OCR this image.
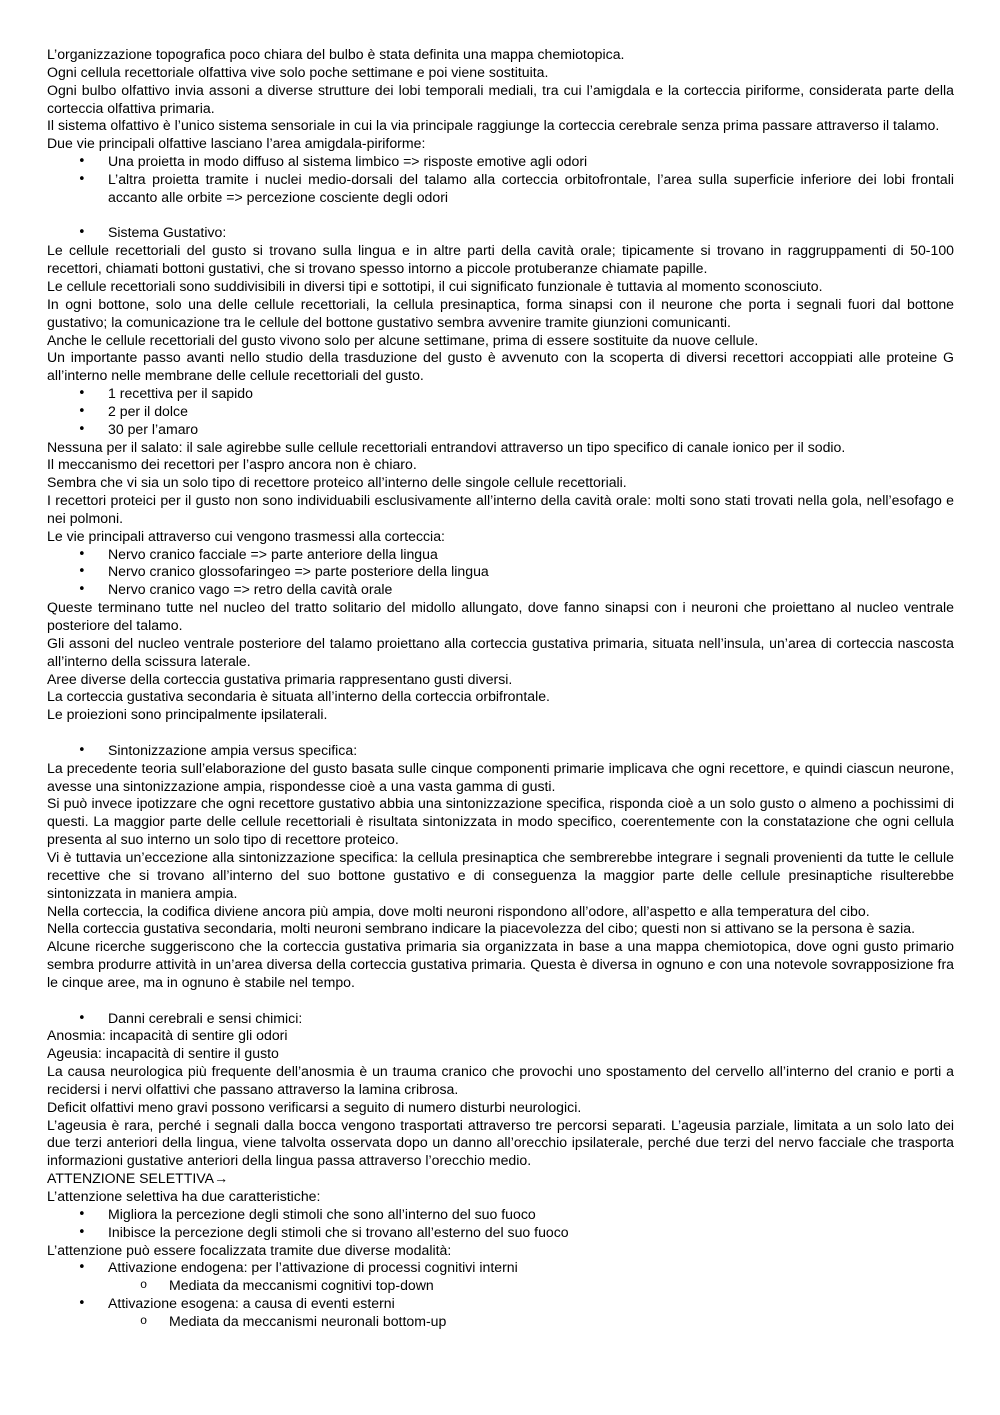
L’organizzazione topografica poco chiara del bulbo è stata definita una mappa chemiotopica.

Ogni cellula recettoriale olfattiva vive solo poche settimane e poi viene sostituita.

Ogni bulbo olfattivo invia assoni a diverse strutture dei lobi temporali mediali, tra cui l’amigdala e la corteccia piriforme, considerata parte della corteccia olfattiva primaria.

Il sistema olfattivo è l’unico sistema sensoriale in cui la via principale raggiunge la corteccia cerebrale senza prima passare attraverso il talamo.

Due vie principali olfattive lasciano l’area amigdala-piriforme:

• Una proietta in modo diffuso al sistema limbico => risposte emotive agli odori
• L’altra proietta tramite i nuclei medio-dorsali del talamo alla corteccia orbitofrontale, l’area sulla superficie inferiore dei lobi frontali accanto alle orbite => percezione cosciente degli odori
• Sistema Gustativo:

Le cellule recettoriali del gusto si trovano sulla lingua e in altre parti della cavità orale; tipicamente si trovano in raggruppamenti di 50-100 recettori, chiamati bottoni gustativi, che si trovano spesso intorno a piccole protuberanze chiamate papille.

Le cellule recettoriali sono suddivisibili in diversi tipi e sottotipi, il cui significato funzionale è tuttavia al momento sconosciuto.

In ogni bottone, solo una delle cellule recettoriali, la cellula presinaptica, forma sinapsi con il neurone che porta i segnali fuori dal bottone gustativo; la comunicazione tra le cellule del bottone gustativo sembra avvenire tramite giunzioni comunicanti.

Anche le cellule recettoriali del gusto vivono solo per alcune settimane, prima di essere sostituite da nuove cellule.

Un importante passo avanti nello studio della trasduzione del gusto è avvenuto con la scoperta di diversi recettori accoppiati alle proteine G all’interno nelle membrane delle cellule recettoriali del gusto.

• 1 recettiva per il sapido
• 2 per il dolce
• 30 per l’amaro

Nessuna per il salato: il sale agirebbe sulle cellule recettoriali entrandovi attraverso un tipo specifico di canale ionico per il sodio.

Il meccanismo dei recettori per l’aspro ancora non è chiaro.

Sembra che vi sia un solo tipo di recettore proteico all’interno delle singole cellule recettoriali.

I recettori proteici per il gusto non sono individuabili esclusivamente all’interno della cavità orale: molti sono stati trovati nella gola, nell’esofago e nei polmoni.

Le vie principali attraverso cui vengono trasmessi alla corteccia:

• Nervo cranico facciale => parte anteriore della lingua
• Nervo cranico glossofaringeo => parte posteriore della lingua
• Nervo cranico vago => retro della cavità orale

Queste terminano tutte nel nucleo del tratto solitario del midollo allungato, dove fanno sinapsi con i neuroni che proiettano al nucleo ventrale posteriore del talamo.

Gli assoni del nucleo ventrale posteriore del talamo proiettano alla corteccia gustativa primaria, situata nell’insula, un’area di corteccia nascosta all’interno della scissura laterale.

Aree diverse della corteccia gustativa primaria rappresentano gusti diversi.

La corteccia gustativa secondaria è situata all’interno della corteccia orbifrontale.

Le proiezioni sono principalmente ipsilaterali.

• Sintonizzazione ampia versus specifica:

La precedente teoria sull’elaborazione del gusto basata sulle cinque componenti primarie implicava che ogni recettore, e quindi ciascun neurone, avesse una sintonizzazione ampia, rispondesse cioè a una vasta gamma di gusti.

Si può invece ipotizzare che ogni recettore gustativo abbia una sintonizzazione specifica, risponda cioè a un solo gusto o almeno a pochissimi di questi. La maggior parte delle cellule recettoriali è risultata sintonizzata in modo specifico, coerentemente con la constatazione che ogni cellula presenta al suo interno un solo tipo di recettore proteico.

Vi è tuttavia un’eccezione alla sintonizzazione specifica: la cellula presinaptica che sembrerebbe integrare i segnali provenienti da tutte le cellule recettive che si trovano all’interno del suo bottone gustativo e di conseguenza la maggior parte delle cellule presinaptiche risulterebbe sintonizzata in maniera ampia.

Nella corteccia, la codifica diviene ancora più ampia, dove molti neuroni rispondono all’odore, all’aspetto e alla temperatura del cibo.

Nella corteccia gustativa secondaria, molti neuroni sembrano indicare la piacevolezza del cibo; questi non si attivano se la persona è sazia.

Alcune ricerche suggeriscono che la corteccia gustativa primaria sia organizzata in base a una mappa chemiotopica, dove ogni gusto primario sembra produrre attività in un’area diversa della corteccia gustativa primaria. Questa è diversa in ognuno e con una notevole sovrapposizione fra le cinque aree, ma in ognuno è stabile nel tempo.

• Danni cerebrali e sensi chimici:

Anosmia: incapacità di sentire gli odori

Ageusia: incapacità di sentire il gusto

La causa neurologica più frequente dell’anosmia è un trauma cranico che provochi uno spostamento del cervello all’interno del cranio e porti a recidersi i nervi olfattivi che passano attraverso la lamina cribrosa.

Deficit olfattivi meno gravi possono verificarsi a seguito di numero disturbi neurologici.

L’ageusia è rara, perché i segnali dalla bocca vengono trasportati attraverso tre percorsi separati. L’ageusia parziale, limitata a un solo lato dei due terzi anteriori della lingua, viene talvolta osservata dopo un danno all’orecchio ipsilaterale, perché due terzi del nervo facciale che trasporta informazioni gustative anteriori della lingua passa attraverso l’orecchio medio.

ATTENZIONE SELETTIVA→

L’attenzione selettiva ha due caratteristiche:

• Migliora la percezione degli stimoli che sono all’interno del suo fuoco
• Inibisce la percezione degli stimoli che si trovano all’esterno del suo fuoco

L’attenzione può essere focalizzata tramite due diverse modalità:

• Attivazione endogena: per l’attivazione di processi cognitivi interni
o Mediata da meccanismi cognitivi top-down
• Attivazione esogena: a causa di eventi esterni
o Mediata da meccanismi neuronali bottom-up
